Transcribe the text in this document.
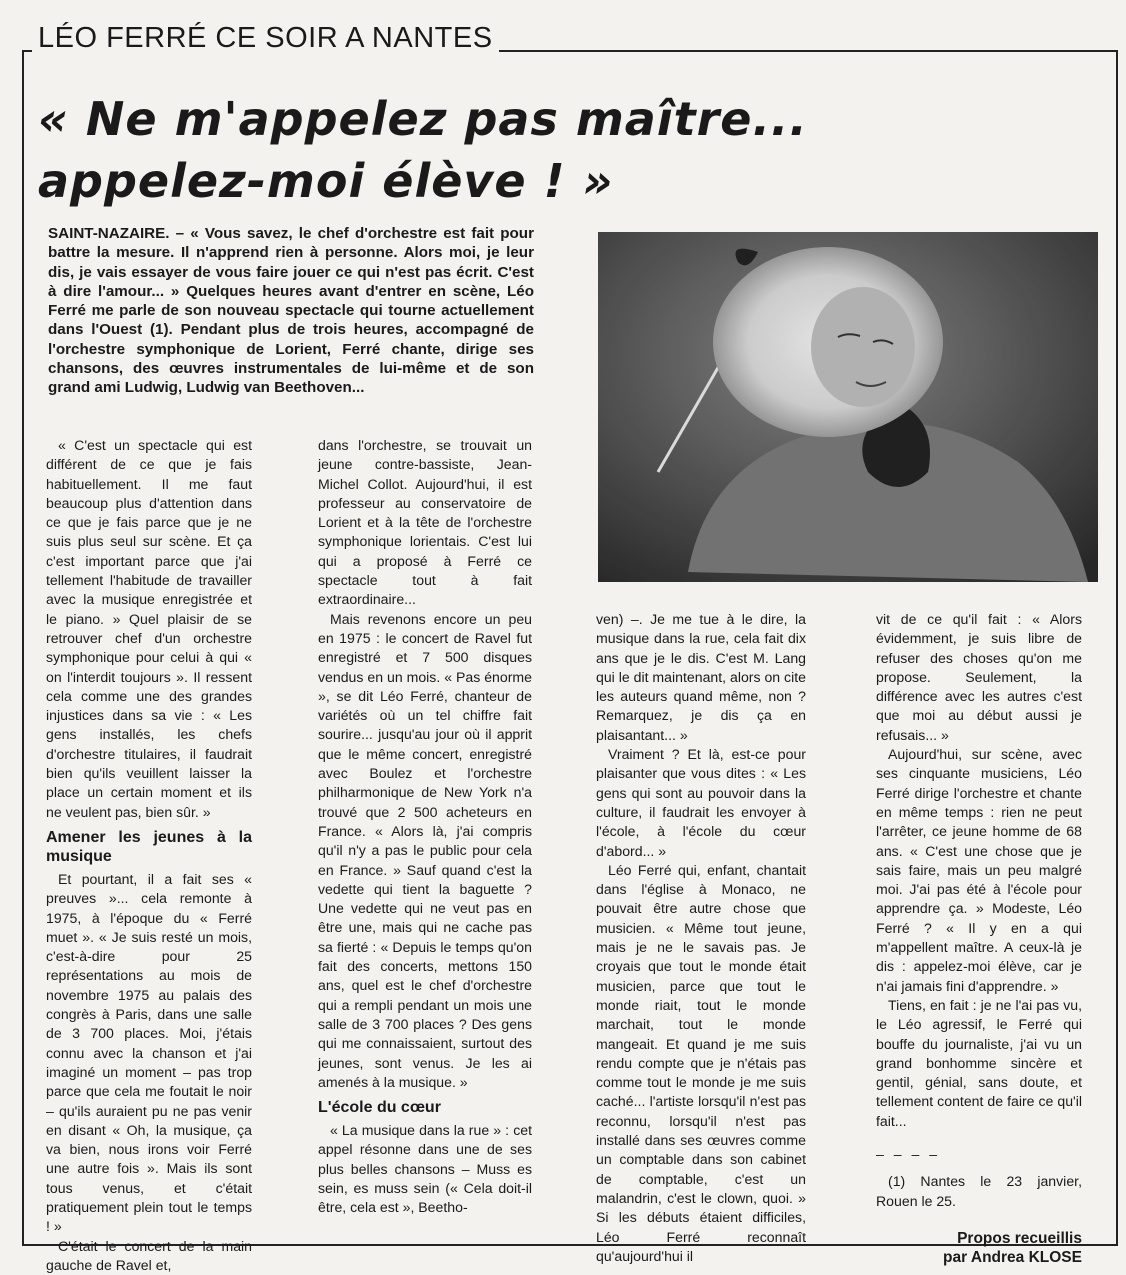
LÉO FERRÉ CE SOIR A NANTES
« Ne m'appelez pas maître...
appelez-moi élève ! »
SAINT-NAZAIRE. – « Vous savez, le chef d'orchestre est fait pour battre la mesure. Il n'apprend rien à personne. Alors moi, je leur dis, je vais essayer de vous faire jouer ce qui n'est pas écrit. C'est à dire l'amour... » Quelques heures avant d'entrer en scène, Léo Ferré me parle de son nouveau spectacle qui tourne actuellement dans l'Ouest (1). Pendant plus de trois heures, accompagné de l'orchestre symphonique de Lorient, Ferré chante, dirige ses chansons, des œuvres instrumentales de lui-même et de son grand ami Ludwig, Ludwig van Beethoven...

« C'est un spectacle qui est différent de ce que je fais habituellement. Il me faut beaucoup plus d'attention dans ce que je fais parce que je ne suis plus seul sur scène. Et ça c'est important parce que j'ai tellement l'habitude de travailler avec la musique enregistrée et le piano. » Quel plaisir de se retrouver chef d'un orchestre symphonique pour celui à qui « on l'interdit toujours ». Il ressent cela comme une des grandes injustices dans sa vie : « Les gens installés, les chefs d'orchestre titulaires, il faudrait bien qu'ils veuillent laisser la place un certain moment et ils ne veulent pas, bien sûr. »

Amener les jeunes à la musique

Et pourtant, il a fait ses « preuves »... cela remonte à 1975, à l'époque du « Ferré muet ». « Je suis resté un mois, c'est-à-dire pour 25 représentations au mois de novembre 1975 au palais des congrès à Paris, dans une salle de 3 700 places. Moi, j'étais connu avec la chanson et j'ai imaginé un moment – pas trop parce que cela me foutait le noir – qu'ils auraient pu ne pas venir en disant « Oh, la musique, ça va bien, nous irons voir Ferré une autre fois ». Mais ils sont tous venus, et c'était pratiquement plein tout le temps ! »

C'était le concert de la main gauche de Ravel et,

dans l'orchestre, se trouvait un jeune contre-bassiste, Jean-Michel Collot. Aujourd'hui, il est professeur au conservatoire de Lorient et à la tête de l'orchestre symphonique lorientais. C'est lui qui a proposé à Ferré ce spectacle tout à fait extraordinaire...

Mais revenons encore un peu en 1975 : le concert de Ravel fut enregistré et 7 500 disques vendus en un mois. « Pas énorme », se dit Léo Ferré, chanteur de variétés où un tel chiffre fait sourire... jusqu'au jour où il apprit que le même concert, enregistré avec Boulez et l'orchestre philharmonique de New York n'a trouvé que 2 500 acheteurs en France. « Alors là, j'ai compris qu'il n'y a pas le public pour cela en France. » Sauf quand c'est la vedette qui tient la baguette ? Une vedette qui ne veut pas en être une, mais qui ne cache pas sa fierté : « Depuis le temps qu'on fait des concerts, mettons 150 ans, quel est le chef d'orchestre qui a rempli pendant un mois une salle de 3 700 places ? Des gens qui me connaissaient, surtout des jeunes, sont venus. Je les ai amenés à la musique. »

L'école du cœur

« La musique dans la rue » : cet appel résonne dans une de ses plus belles chansons – Muss es sein, es muss sein (« Cela doit-il être, cela est », Beetho-

ven) –. Je me tue à le dire, la musique dans la rue, cela fait dix ans que je le dis. C'est M. Lang qui le dit maintenant, alors on cite les auteurs quand même, non ? Remarquez, je dis ça en plaisantant... »

Vraiment ? Et là, est-ce pour plaisanter que vous dites : « Les gens qui sont au pouvoir dans la culture, il faudrait les envoyer à l'école, à l'école du cœur d'abord... »

Léo Ferré qui, enfant, chantait dans l'église à Monaco, ne pouvait être autre chose que musicien. « Même tout jeune, mais je ne le savais pas. Je croyais que tout le monde était musicien, parce que tout le monde riait, tout le monde marchait, tout le monde mangeait. Et quand je me suis rendu compte que je n'étais pas comme tout le monde je me suis caché... l'artiste lorsqu'il n'est pas reconnu, lorsqu'il n'est pas installé dans ses œuvres comme un comptable dans son cabinet de comptable, c'est un malandrin, c'est le clown, quoi. » Si les débuts étaient difficiles, Léo Ferré reconnaît qu'aujourd'hui il

vit de ce qu'il fait : « Alors évidemment, je suis libre de refuser des choses qu'on me propose. Seulement, la différence avec les autres c'est que moi au début aussi je refusais... »

Aujourd'hui, sur scène, avec ses cinquante musiciens, Léo Ferré dirige l'orchestre et chante en même temps : rien ne peut l'arrêter, ce jeune homme de 68 ans. « C'est une chose que je sais faire, mais un peu malgré moi. J'ai pas été à l'école pour apprendre ça. » Modeste, Léo Ferré ? « Il y en a qui m'appellent maître. A ceux-là je dis : appelez-moi élève, car je n'ai jamais fini d'apprendre. »

Tiens, en fait : je ne l'ai pas vu, le Léo agressif, le Ferré qui bouffe du journaliste, j'ai vu un grand bonhomme sincère et gentil, génial, sans doute, et tellement content de faire ce qu'il fait...

– – – –

(1) Nantes le 23 janvier, Rouen le 25.

Propos recueillis
par Andrea KLOSE
